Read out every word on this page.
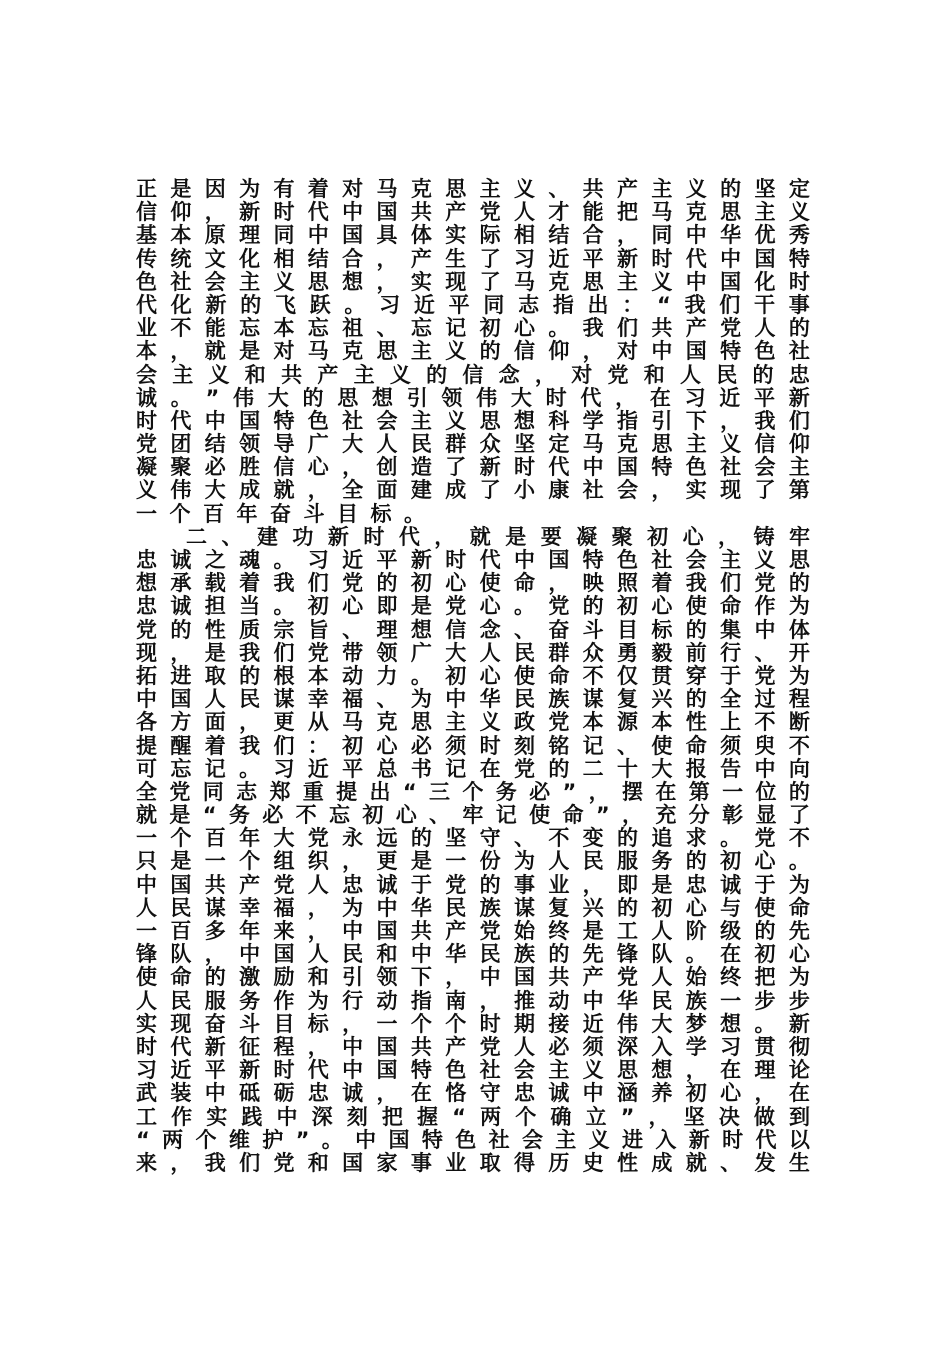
正 是 因 为 有 着 对 马 克 思 主 义 、 共 产 主 义 的 坚 定
信 仰 ， 新 时 代 中 国 共 产 党 人 才 能 把 马 克 思 主 义
基 本 原 理 同 中 国 具 体 实 际 相 结 合 ， 同 中 华 优 秀
传 统 文 化 相 结 合 ， 产 生 了 习 近 平 新 时 代 中 国 特
色 社 会 主 义 思 想 ， 实 现 了 马 克 思 主 义 中 国 化 时
代 化 新 的 飞 跃 。 习 近 平 同 志 指 出 ： “ 我 们 干 事
业 不 能 忘 本 忘 祖 、 忘 记 初 心 。 我 们 共 产 党 人 的
本 ， 就 是 对 马 克 思 主 义 的 信 仰 ， 对 中 国 特 色 社
会 主 义 和 共 产 主 义 的 信 念 ， 对 党 和 人 民 的 忠
诚 。 ” 伟 大 的 思 想 引 领 伟 大 时 代 ， 在 习 近 平 新
时 代 中 国 特 色 社 会 主 义 思 想 科 学 指 引 下 ， 我 们
党 团 结 领 导 广 大 人 民 群 众 坚 定 马 克 思 主 义 信 仰
凝 聚 必 胜 信 心 ， 创 造 了 新 时 代 中 国 特 色 社 会 主
义 伟 大 成 就 ， 全 面 建 成 了 小 康 社 会 ， 实 现 了 第
一 个 百 年 奋 斗 目 标 。
二 、 建 功 新 时 代 ， 就 是 要 凝 聚 初 心 ， 铸 牢
忠 诚 之 魂 。 习 近 平 新 时 代 中 国 特 色 社 会 主 义 思
想 承 载 着 我 们 党 的 初 心 使 命 ， 映 照 着 我 们 党 的
忠 诚 担 当 。 初 心 即 是 党 心 。 党 的 初 心 使 命 作 为
党 的 性 质 宗 旨 、 理 想 信 念 、 奋 斗 目 标 的 集 中 体
现 ， 是 我 们 党 带 领 广 大 人 民 群 众 勇 毅 前 行 、 开
拓 进 取 的 根 本 动 力 。 初 心 使 命 不 仅 贯 穿 于 党 为
中 国 人 民 谋 幸 福 、 为 中 华 民 族 谋 复 兴 的 全 过 程
各 方 面 ， 更 从 马 克 思 主 义 政 党 本 源 本 性 上 不 断
提 醒 着 我 们 ： 初 心 必 须 时 刻 铭 记 、 使 命 须 臾 不
可 忘 记 。 习 近 平 总 书 记 在 党 的 二 十 大 报 告 中 向
全 党 同 志 郑 重 提 出 “ 三 个 务 必 ” ， 摆 在 第 一 位 的
就 是 “ 务 必 不 忘 初 心 、 牢 记 使 命 ” ， 充 分 彰 显 了
一 个 百 年 大 党 永 远 的 坚 守 、 不 变 的 追 求 。 党 不
只 是 一 个 组 织 ， 更 是 一 份 为 人 民 服 务 的 初 心 。
中 国 共 产 党 人 忠 诚 于 党 的 事 业 ， 即 是 忠 诚 于 为
人 民 谋 幸 福 ， 为 中 华 民 族 谋 复 兴 的 初 心 与 使 命
一 百 多 年 来 ， 中 国 共 产 党 始 终 是 工 人 阶 级 的 先
锋 队 ， 中 国 人 民 和 中 华 民 族 的 先 锋 队 。 在 初 心
使 命 的 激 励 和 引 领 下 ， 中 国 共 产 党 人 始 终 把 为
人 民 服 务 作 为 行 动 指 南 ， 推 动 中 华 民 族 一 步 步
实 现 奋 斗 目 标 ， 一 个 个 时 期 接 近 伟 大 梦 想 。 新
时 代 新 征 程 ， 中 国 共 产 党 人 必 须 深 入 学 习 贯 彻
习 近 平 新 时 代 中 国 特 色 社 会 主 义 思 想 ， 在 理 论
武 装 中 砥 砺 忠 诚 ， 在 恪 守 忠 诚 中 涵 养 初 心 ， 在
工 作 实 践 中 深 刻 把 握 “ 两 个 确 立 ” ， 坚 决 做 到
“ 两 个 维 护 ” 。 中 国 特 色 社 会 主 义 进 入 新 时 代 以
来 ， 我 们 党 和 国 家 事 业 取 得 历 史 性 成 就 、 发 生
